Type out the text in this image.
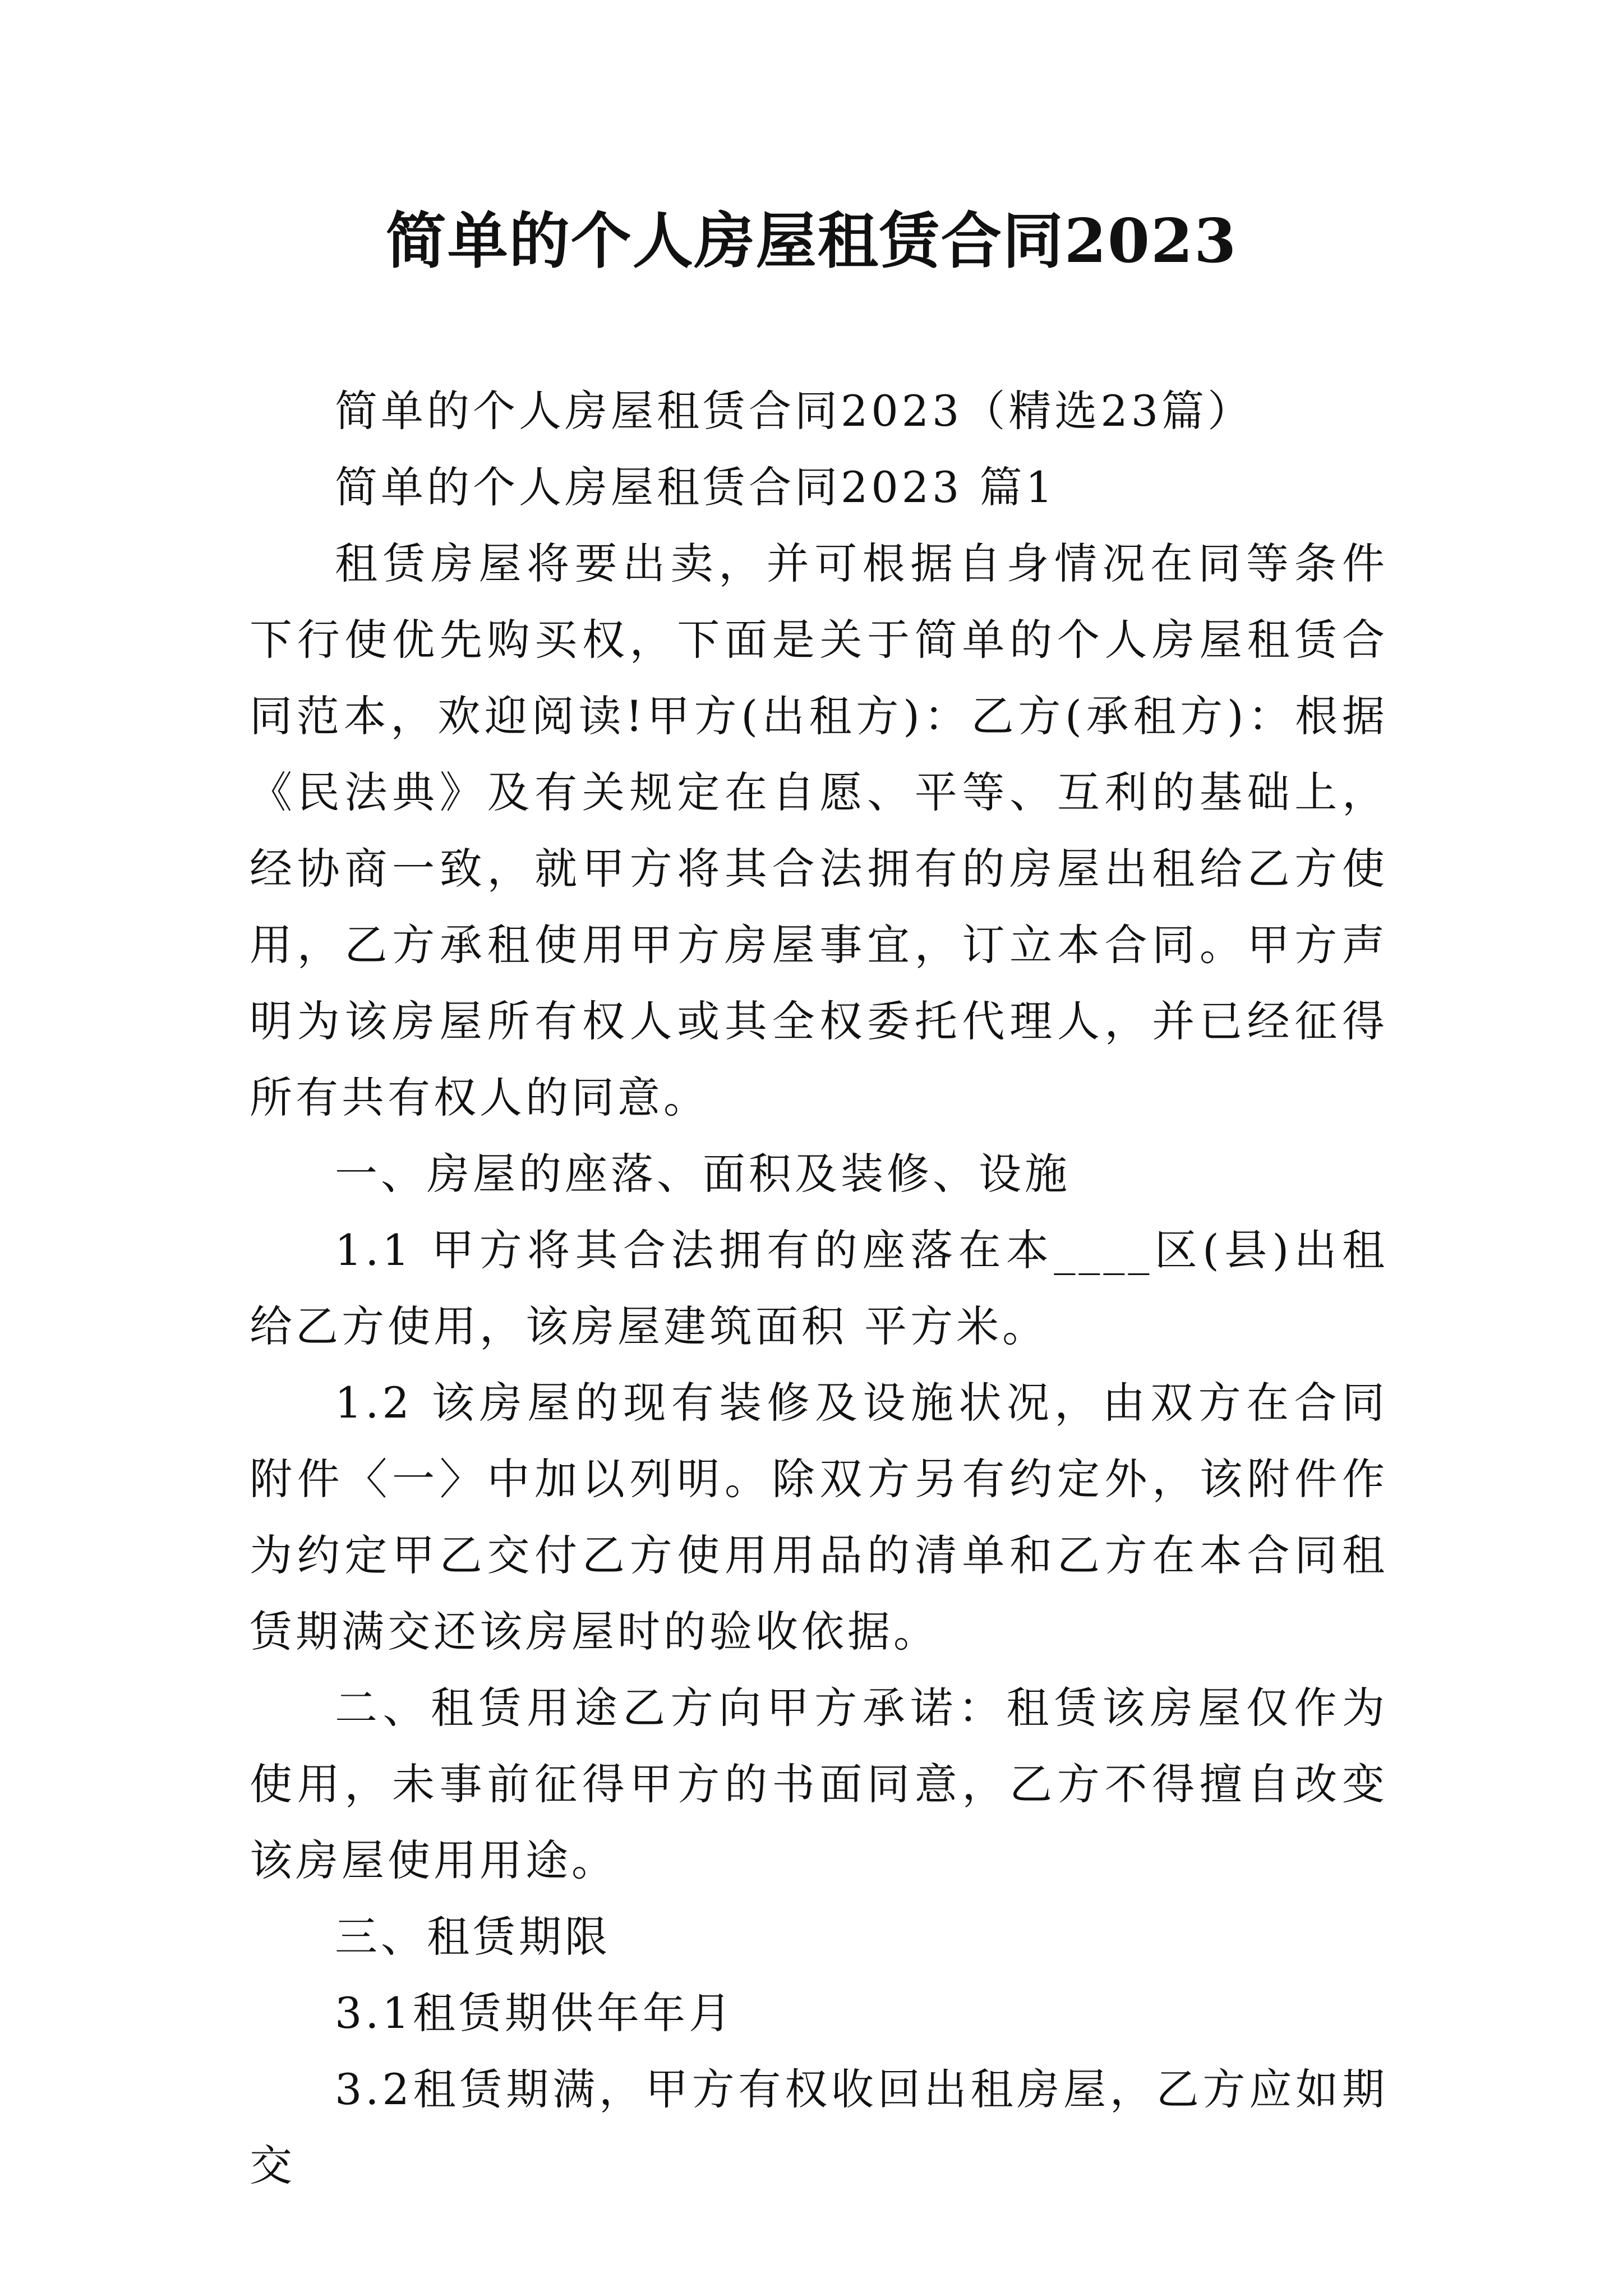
简单的个人房屋租赁合同2023

简单的个人房屋租赁合同2023（精选23篇）

简单的个人房屋租赁合同2023 篇1

租赁房屋将要出卖，并可根据自身情况在同等条件下行使优先购买权，下面是关于简单的个人房屋租赁合同范本，欢迎阅读!甲方(出租方)：乙方(承租方)：根据《民法典》及有关规定在自愿、平等、互利的基础上，经协商一致，就甲方将其合法拥有的房屋出租给乙方使用，乙方承租使用甲方房屋事宜，订立本合同。甲方声明为该房屋所有权人或其全权委托代理人，并已经征得所有共有权人的同意。

一、房屋的座落、面积及装修、设施

1.1 甲方将其合法拥有的座落在本____区(县)出租给乙方使用，该房屋建筑面积 平方米。

1.2 该房屋的现有装修及设施状况，由双方在合同附件〈一〉中加以列明。除双方另有约定外，该附件作为约定甲乙交付乙方使用用品的清单和乙方在本合同租赁期满交还该房屋时的验收依据。

二、租赁用途乙方向甲方承诺：租赁该房屋仅作为 使用，未事前征得甲方的书面同意，乙方不得擅自改变该房屋使用用途。

三、租赁期限

3.1租赁期供年年月

3.2租赁期满，甲方有权收回出租房屋，乙方应如期交
